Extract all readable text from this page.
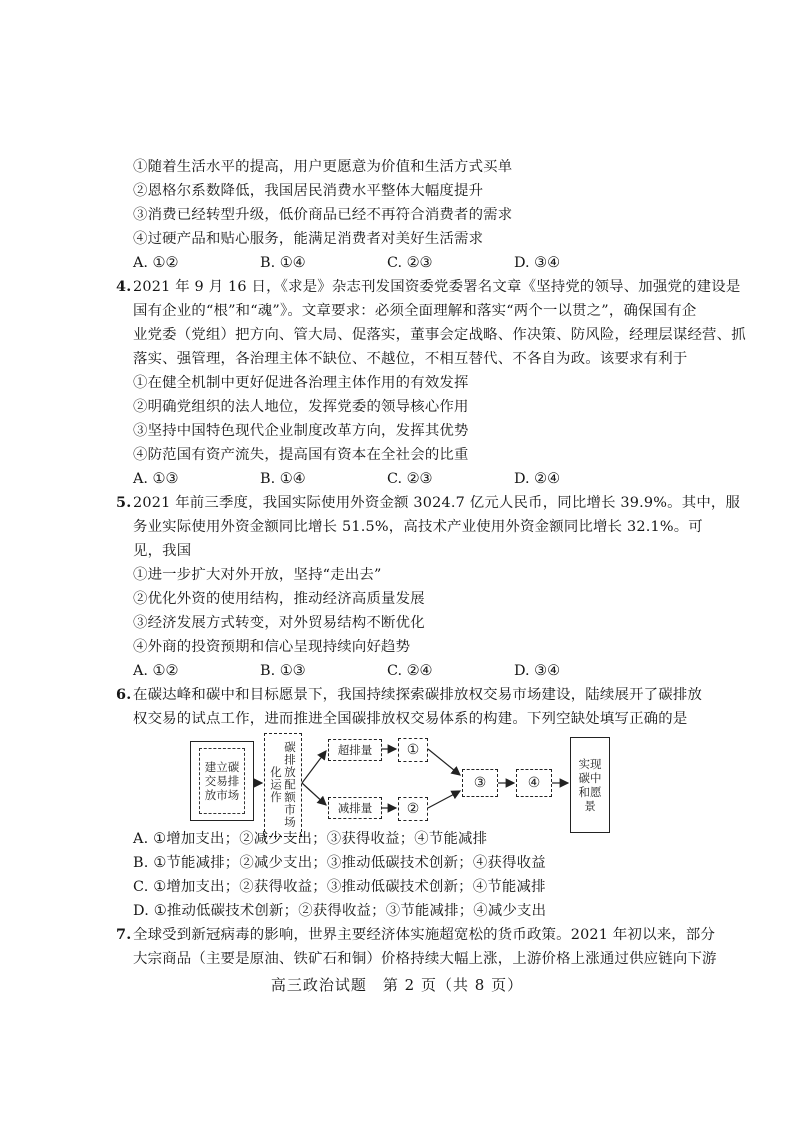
①随着生活水平的提高，用户更愿意为价值和生活方式买单
②恩格尔系数降低，我国居民消费水平整体大幅度提升
③消费已经转型升级，低价商品已经不再符合消费者的需求
④过硬产品和贴心服务，能满足消费者对美好生活需求
A. ①②	B. ①④	C. ②③	D. ③④
4. 2021 年 9 月 16 日，《求是》杂志刊发国资委党委署名文章《坚持党的领导、加强党的建设是
国有企业的“根”和“魂”》。文章要求：必须全面理解和落实“两个一以贯之”，确保国有企
业党委（党组）把方向、管大局、促落实，董事会定战略、作决策、防风险，经理层谋经营、抓
落实、强管理，各治理主体不缺位、不越位，不相互替代、不各自为政。该要求有利于
①在健全机制中更好促进各治理主体作用的有效发挥
②明确党组织的法人地位，发挥党委的领导核心作用
③坚持中国特色现代企业制度改革方向，发挥其优势
④防范国有资产流失，提高国有资本在全社会的比重
A. ①③	B. ①④	C. ②③	D. ②④
5. 2021 年前三季度，我国实际使用外资金额 3024.7 亿元人民币，同比增长 39.9%。其中，服
务业实际使用外资金额同比增长 51.5%，高技术产业使用外资金额同比增长 32.1%。可
见，我国
①进一步扩大对外开放，坚持“走出去”
②优化外资的使用结构，推动经济高质量发展
③经济发展方式转变，对外贸易结构不断优化
④外商的投资预期和信心呈现持续向好趋势
A. ①②	B. ①③	C. ②④	D. ③④
6. 在碳达峰和碳中和目标愿景下，我国持续探索碳排放权交易市场建设，陆续展开了碳排放
权交易的试点工作，进而推进全国碳排放权交易体系的构建。下列空缺处填写正确的是
建立碳交易排放市场	碳排放配额市场化运作
超排量
减排量
①
②
③	④
实现碳中和愿景
A. ①增加支出；②减少支出；③获得收益；④节能减排
B. ①节能减排；②减少支出；③推动低碳技术创新；④获得收益
C. ①增加支出；②获得收益；③推动低碳技术创新；④节能减排
D. ①推动低碳技术创新；②获得收益；③节能减排；④减少支出
7. 全球受到新冠病毒的影响，世界主要经济体实施超宽松的货币政策。2021 年初以来，部分
大宗商品（主要是原油、铁矿石和铜）价格持续大幅上涨，上游价格上涨通过供应链向下游
高三政治试题　第 2 页（共 8 页）
